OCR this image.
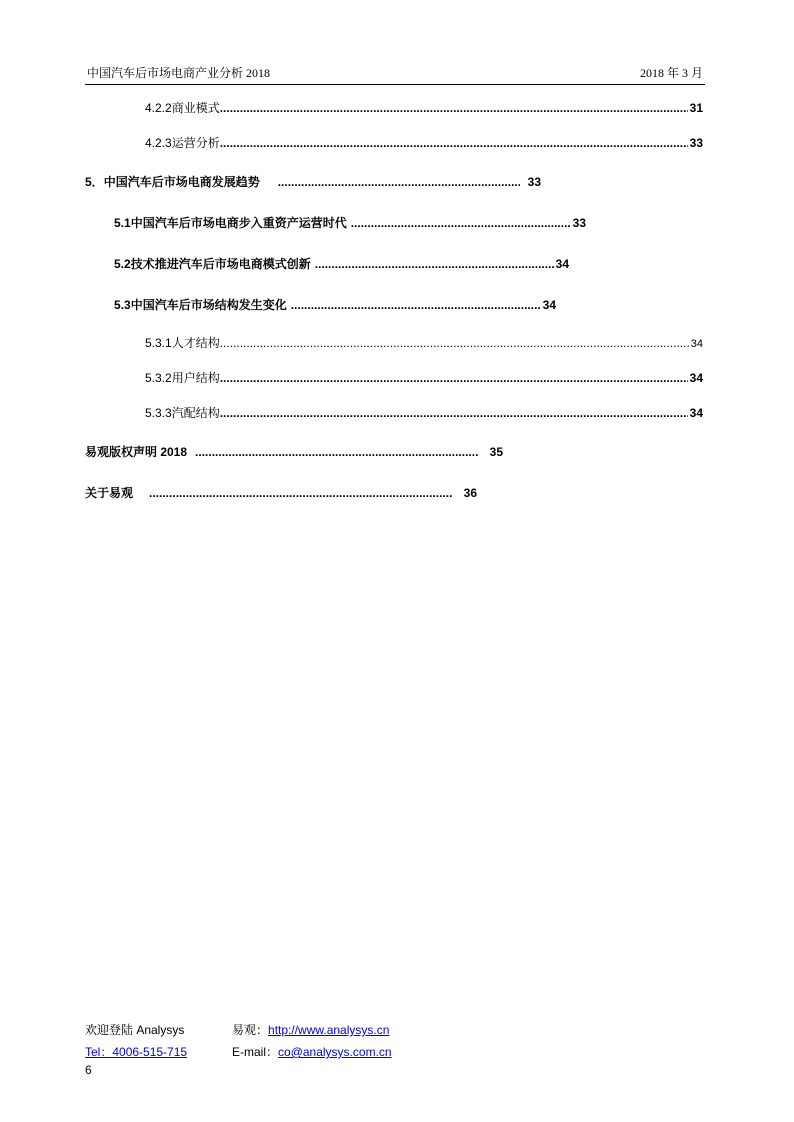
中国汽车后市场电商产业分析 2018	2018 年 3 月
4.2.2 商业模式 .....	31
4.2.3 运营分析 .....	33
5． 中国汽车后市场电商发展趋势 .....	33
5.1 中国汽车后市场电商步入重资产运营时代 .....	33
5.2 技术推进汽车后市场电商模式创新 .....	34
5.3 中国汽车后市场结构发生变化 .....	34
5.3.1 人才结构 .....	34
5.3.2 用户结构 .....	34
5.3.3 汽配结构 .....	34
易观版权声明 2018 .....	35
关于易观 .....	36
欢迎登陆 Analysys	易观：http://www.analysys.cn
Tel：4006-515-715	E-mail：co@analysys.com.cn
6
